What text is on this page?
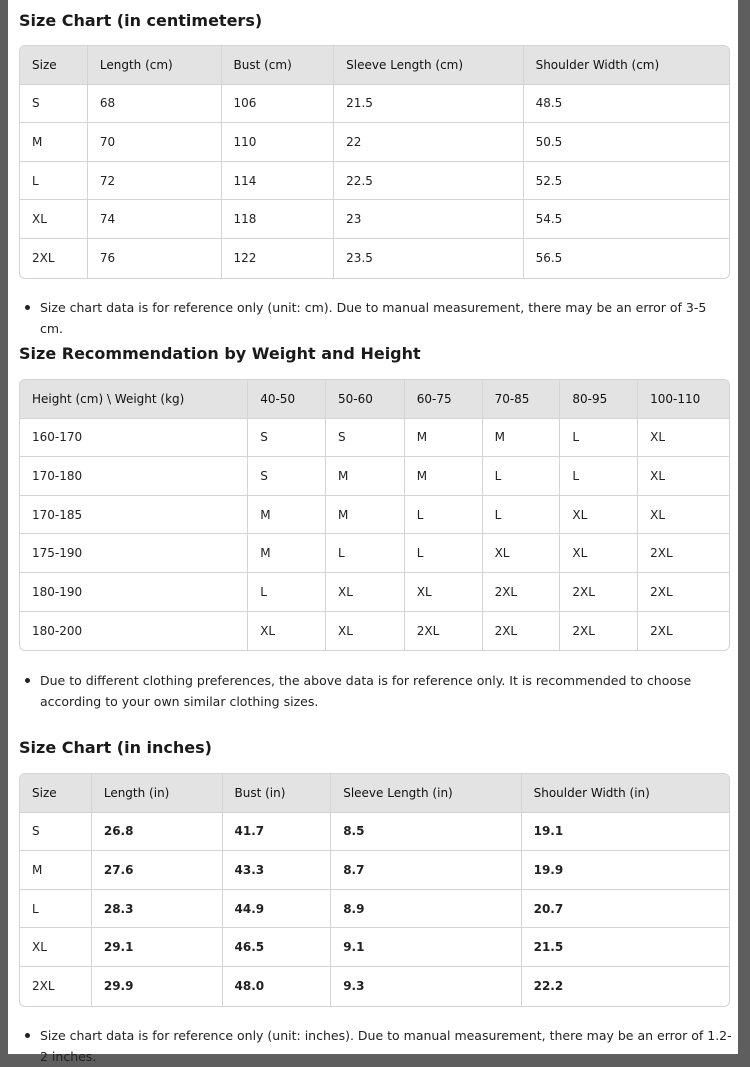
Size Chart (in centimeters)
Size	Length (cm)	Bust (cm)	Sleeve Length (cm)	Shoulder Width (cm)
S	68	106	21.5	48.5
M	70	110	22	50.5
L	72	114	22.5	52.5
XL	74	118	23	54.5
2XL	76	122	23.5	56.5

Size chart data is for reference only (unit: cm). Due to manual measurement, there may be an error of 3-5 cm.

Size Recommendation by Weight and Height
Height (cm) \ Weight (kg)	40-50	50-60	60-75	70-85	80-95	100-110
160-170	S	S	M	M	L	XL
170-180	S	M	M	L	L	XL
170-185	M	M	L	L	XL	XL
175-190	M	L	L	XL	XL	2XL
180-190	L	XL	XL	2XL	2XL	2XL
180-200	XL	XL	2XL	2XL	2XL	2XL

Due to different clothing preferences, the above data is for reference only. It is recommended to choose according to your own similar clothing sizes.

Size Chart (in inches)
Size	Length (in)	Bust (in)	Sleeve Length (in)	Shoulder Width (in)
S	26.8	41.7	8.5	19.1
M	27.6	43.3	8.7	19.9
L	28.3	44.9	8.9	20.7
XL	29.1	46.5	9.1	21.5
2XL	29.9	48.0	9.3	22.2

Size chart data is for reference only (unit: inches). Due to manual measurement, there may be an error of 1.2-2 inches.
